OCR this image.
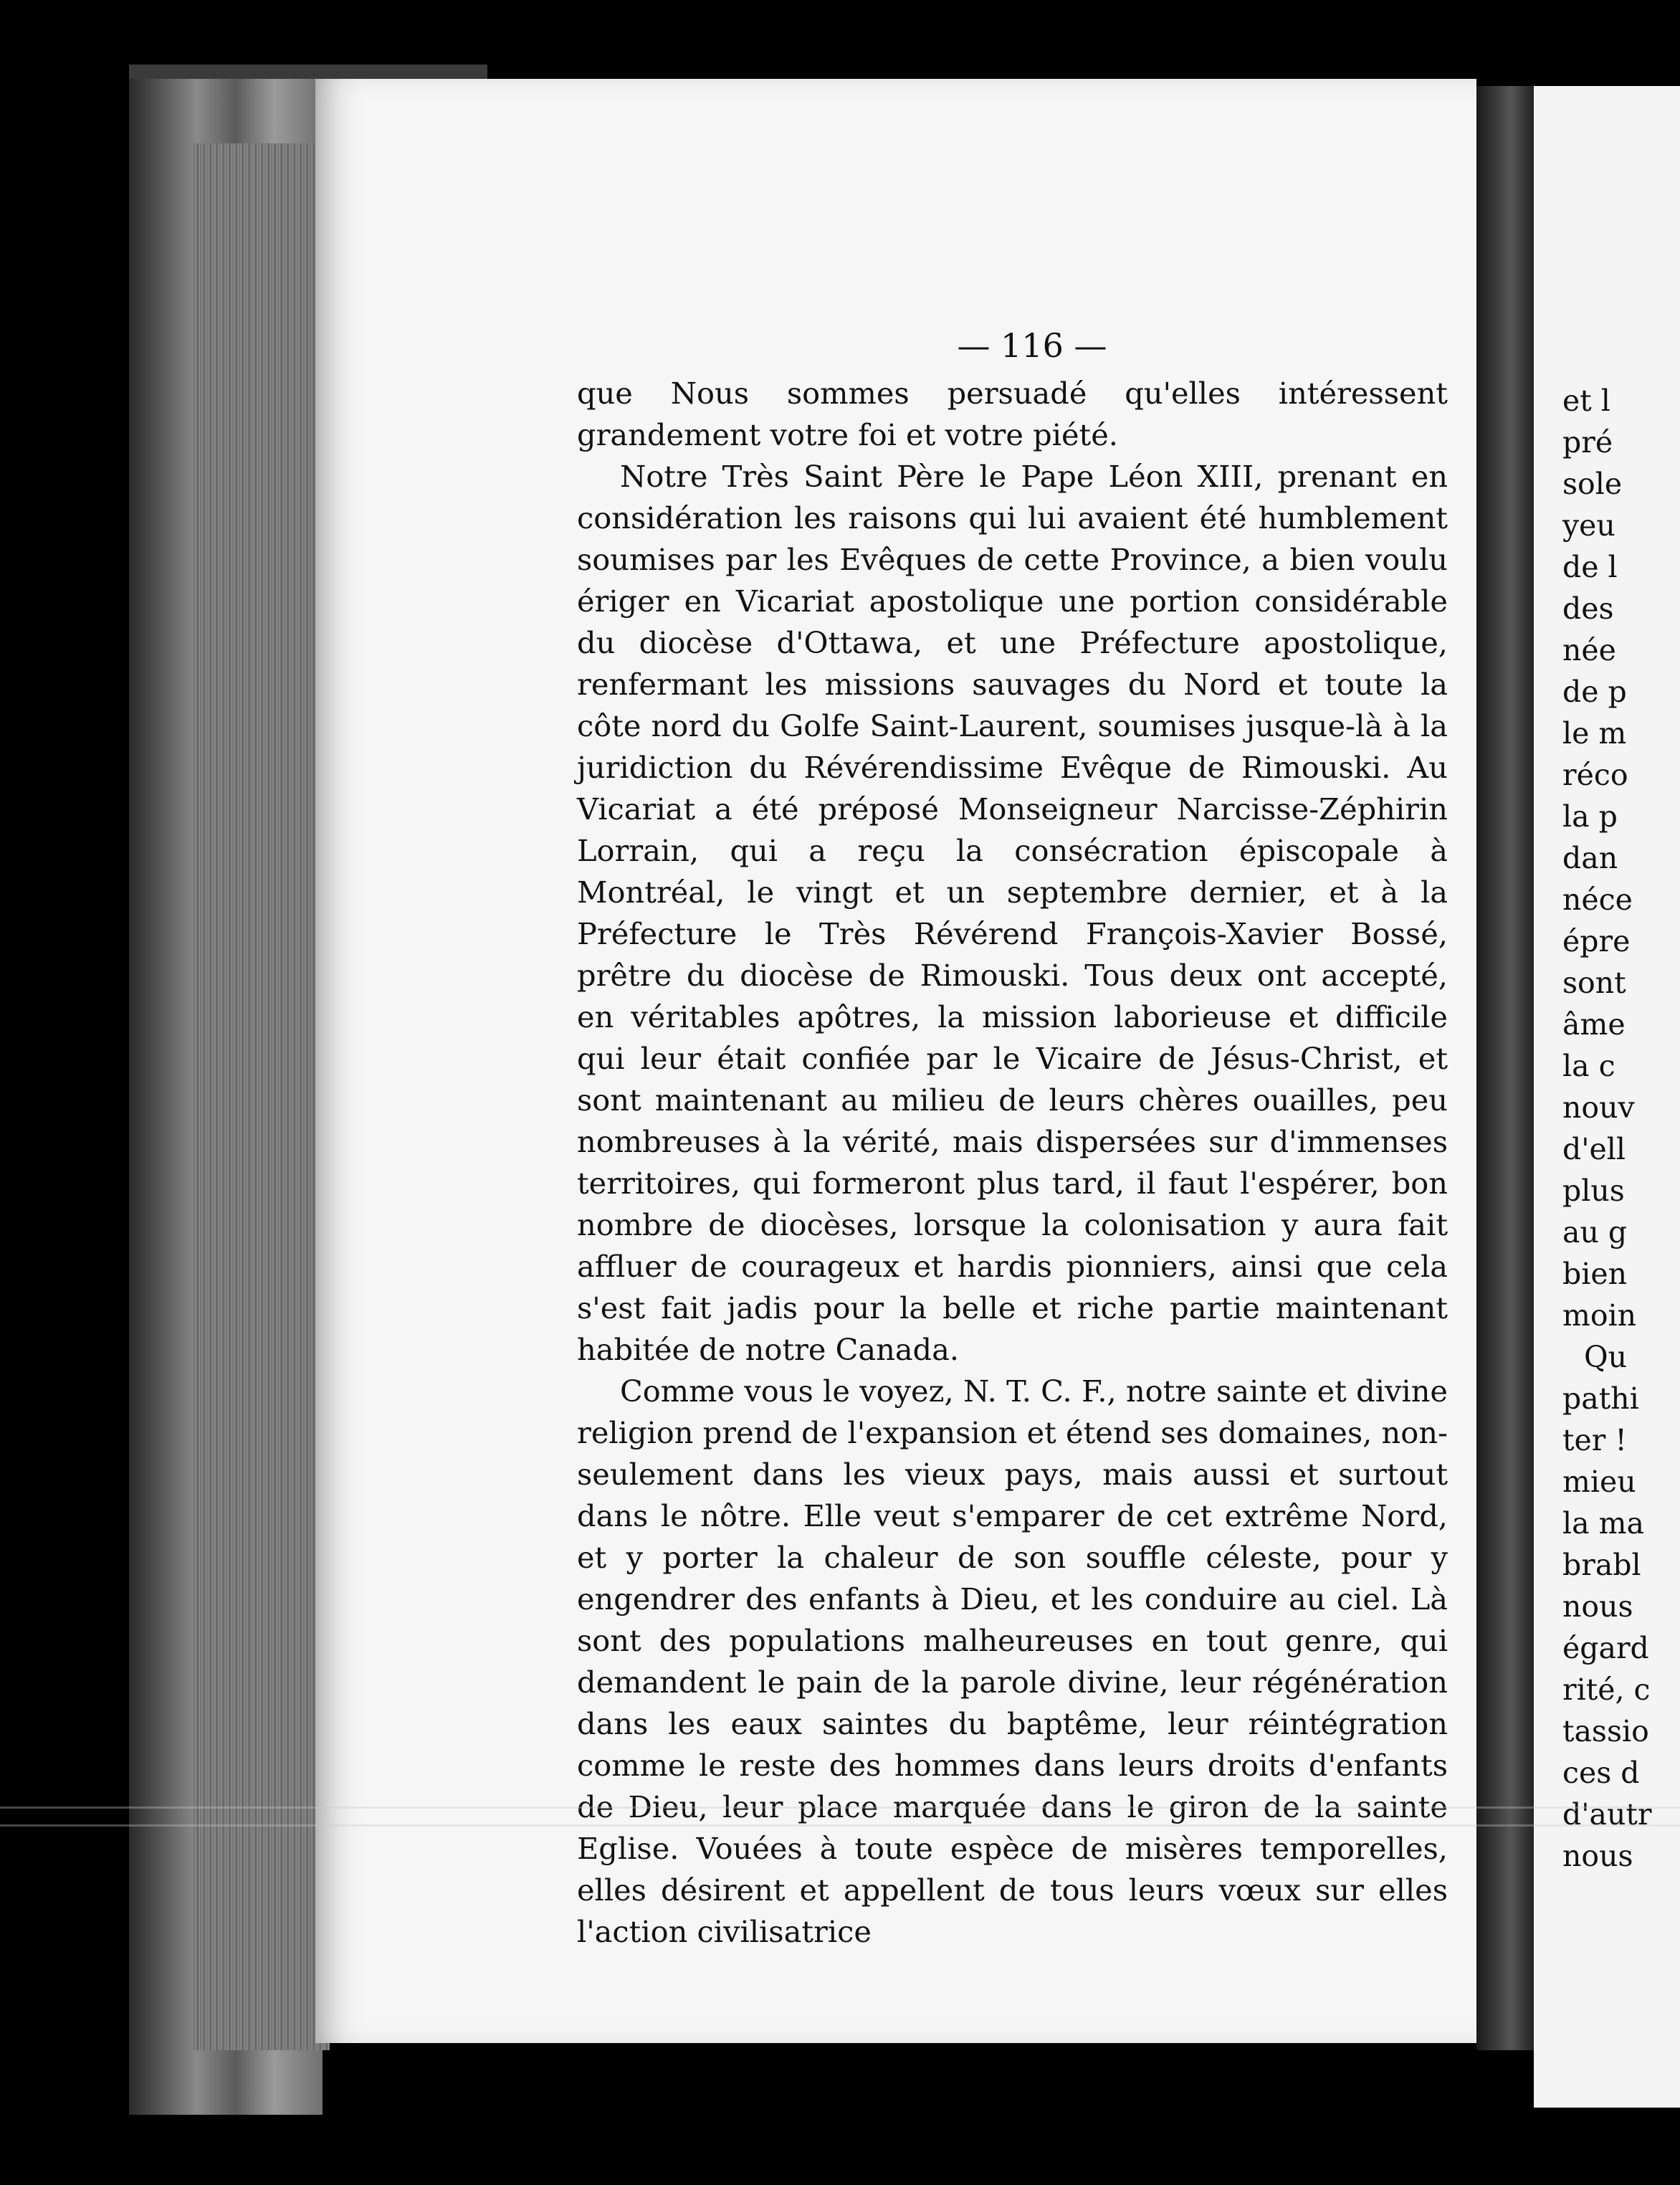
— 116 —

que Nous sommes persuadé qu'elles intéressent grandement votre foi et votre piété.

Notre Très Saint Père le Pape Léon XIII, prenant en considération les raisons qui lui avaient été humblement soumises par les Evêques de cette Province, a bien voulu ériger en Vicariat apostolique une portion considérable du diocèse d'Ottawa, et une Préfecture apostolique, renfermant les missions sauvages du Nord et toute la côte nord du Golfe Saint-Laurent, soumises jusque-là à la juridiction du Révérendissime Evêque de Rimouski. Au Vicariat a été préposé Monseigneur Narcisse-Zéphirin Lorrain, qui a reçu la consécration épiscopale à Montréal, le vingt et un septembre dernier, et à la Préfecture le Très Révérend François-Xavier Bossé, prêtre du diocèse de Rimouski. Tous deux ont accepté, en véritables apôtres, la mission laborieuse et difficile qui leur était confiée par le Vicaire de Jésus-Christ, et sont maintenant au milieu de leurs chères ouailles, peu nombreuses à la vérité, mais dispersées sur d'immenses territoires, qui formeront plus tard, il faut l'espérer, bon nombre de diocèses, lorsque la colonisation y aura fait affluer de courageux et hardis pionniers, ainsi que cela s'est fait jadis pour la belle et riche partie maintenant habitée de notre Canada.

Comme vous le voyez, N. T. C. F., notre sainte et divine religion prend de l'expansion et étend ses domaines, non-seulement dans les vieux pays, mais aussi et surtout dans le nôtre. Elle veut s'emparer de cet extrême Nord, et y porter la chaleur de son souffle céleste, pour y engendrer des enfants à Dieu, et les conduire au ciel. Là sont des populations malheureuses en tout genre, qui demandent le pain de la parole divine, leur régénération dans les eaux saintes du baptême, leur réintégration comme le reste des hommes dans leurs droits d'enfants de Dieu, leur place marquée dans le giron de la sainte Eglise. Vouées à toute espèce de misères temporelles, elles désirent et appellent de tous leurs vœux sur elles l'action civilisatrice

et l
pré
sole
yeu
de l
des
née
de p
le m
réco
la p
dan
néce
épre
sont
âme
la c
nouv
d'ell
plus
au g
bien
moin
Qu
pathi
ter !
mieu
la ma
brabl
nous
égard
rité, c
tassio
ces d
d'autr
nous
